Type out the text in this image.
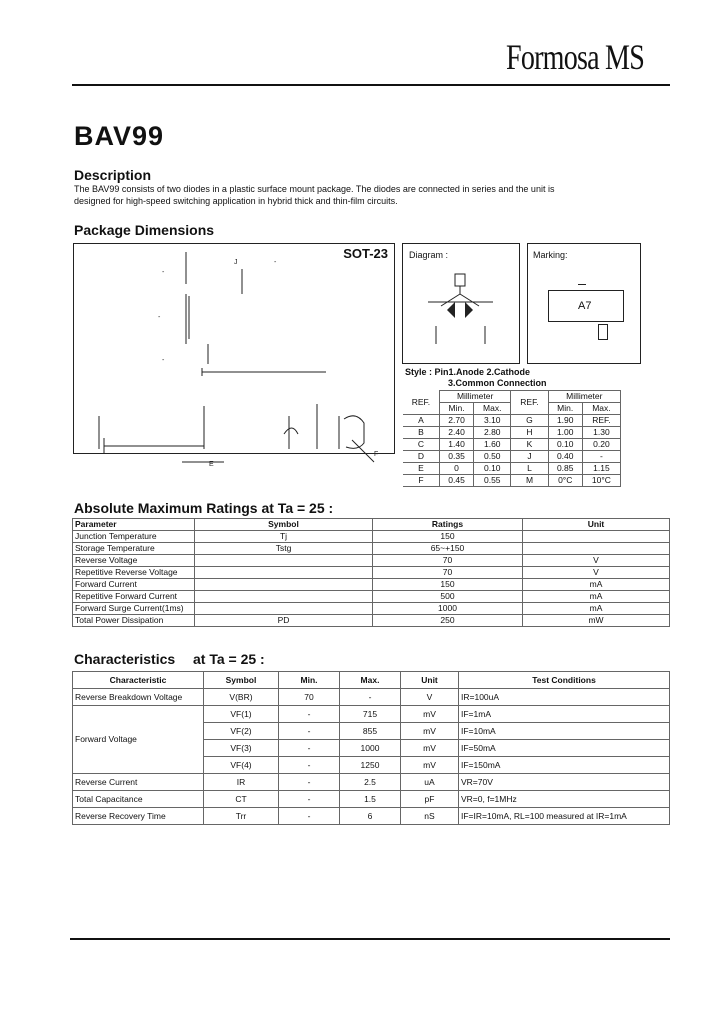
Formosa MS
BAV99
Description
The BAV99 consists of two diodes in a plastic surface mount package. The diodes are connected in series and the unit is
designed for high-speed switching application in hybrid thick and thin-film circuits.
Package Dimensions
SOT-23
-
-
-
J	-
E
F
Diagram :	Marking:
A7
Style : Pin1.Anode 2.Cathode
3.Common Connection
REF.	Millimeter		REF.	Millimeter	
	Min.	Max.		Min.	Max.
A	2.70	3.10	G	1.90	REF.
B	2.40	2.80	H	1.00	1.30
C	1.40	1.60	K	0.10	0.20
D	0.35	0.50	J	0.40	-
E	0	0.10	L	0.85	1.15
F	0.45	0.55	M	0°C	10°C
Absolute Maximum Ratings at Ta = 25 :
Parameter	Symbol	Ratings	Unit
Junction Temperature	Tj	150	
Storage Temperature	Tstg	65~+150	
Reverse Voltage		70	V
Repetitive Reverse Voltage		70	V
Forward Current		150	mA
Repetitive Forward Current		500	mA
Forward Surge Current(1ms)		1000	mA
Total Power Dissipation	PD	250	mW
Characteristics at Ta = 25 :
Characteristic	Symbol	Min.	Max.	Unit	Test Conditions
Reverse Breakdown Voltage	V(BR)	70	-	V	IR=100uA
Forward Voltage	VF(1)	-	715	mV	IF=1mA
	VF(2)	-	855	mV	IF=10mA
	VF(3)	-	1000	mV	IF=50mA
	VF(4)	-	1250	mV	IF=150mA
Reverse Current	IR	-	2.5	uA	VR=70V
Total Capacitance	CT	-	1.5	pF	VR=0, f=1MHz
Reverse Recovery Time	Trr	-	6	nS	IF=IR=10mA, RL=100 measured at IR=1mA
